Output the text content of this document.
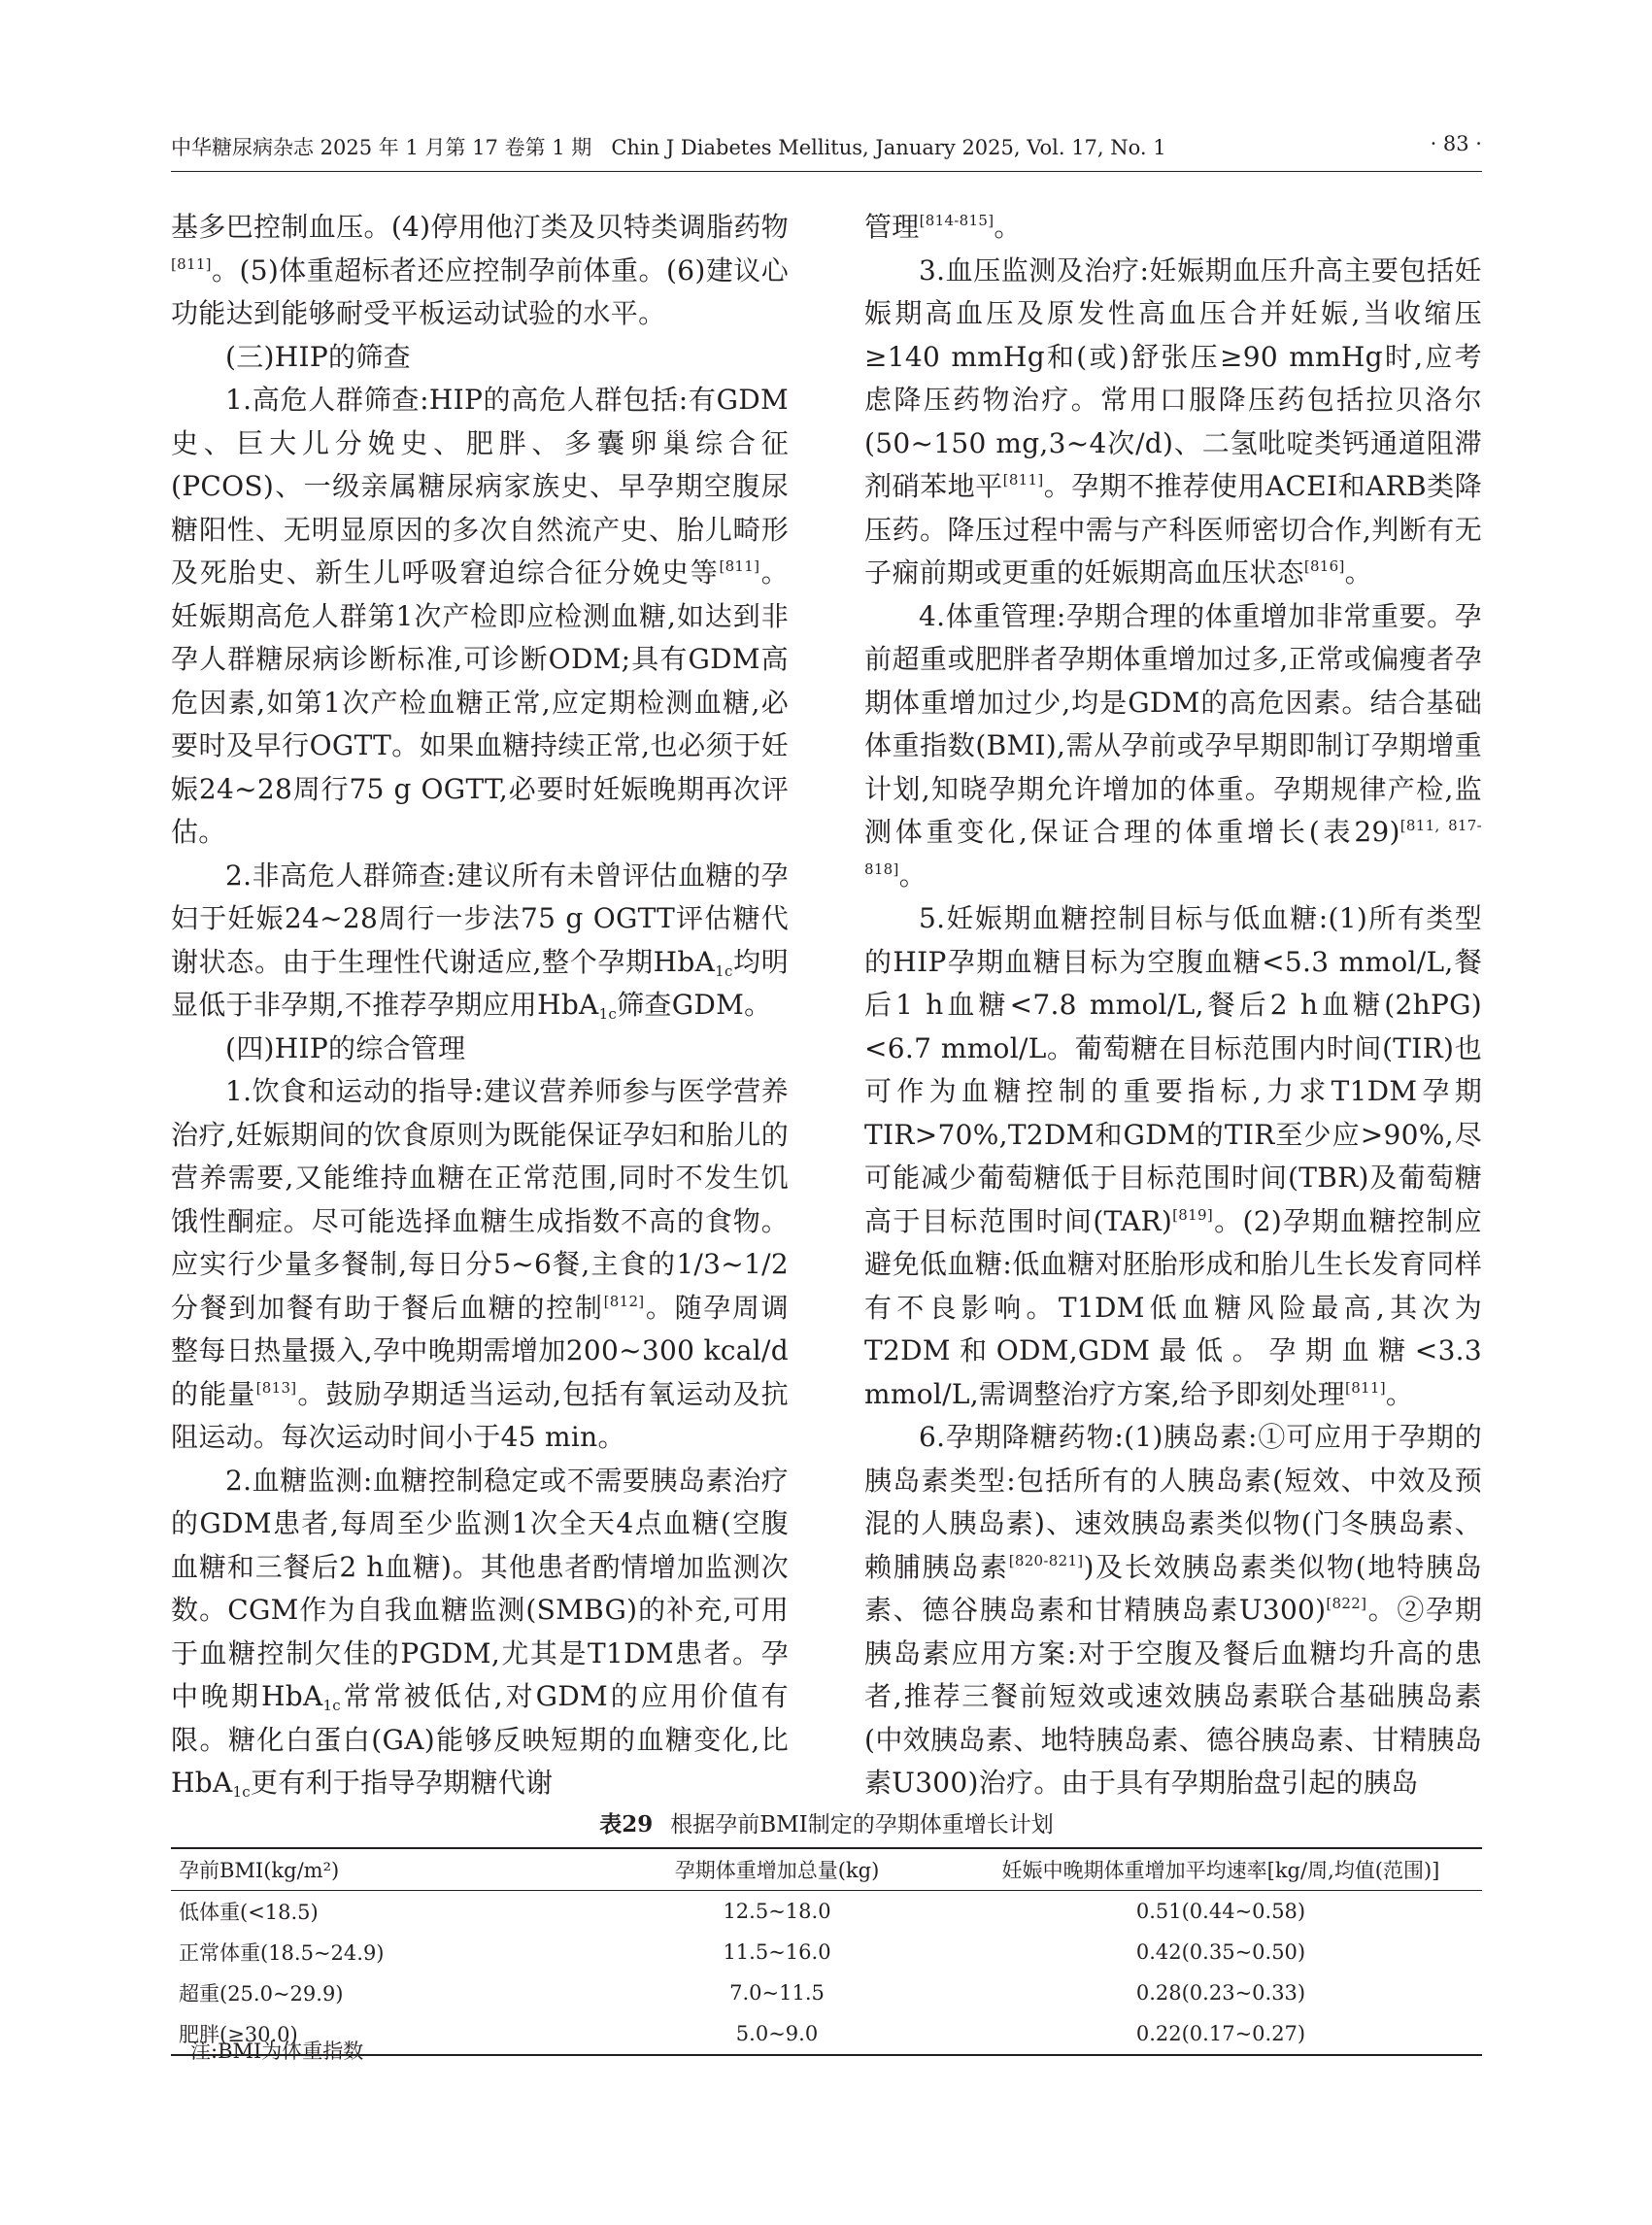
中华糖尿病杂志 2025 年 1 月第 17 卷第 1 期 Chin J Diabetes Mellitus, January 2025, Vol. 17, No. 1	· 83 ·

基多巴控制血压。(4)停用他汀类及贝特类调脂药物[811]。(5)体重超标者还应控制孕前体重。(6)建议心功能达到能够耐受平板运动试验的水平。

(三)HIP的筛查

1.高危人群筛查:HIP的高危人群包括:有GDM史、巨大儿分娩史、肥胖、多囊卵巢综合征(PCOS)、一级亲属糖尿病家族史、早孕期空腹尿糖阳性、无明显原因的多次自然流产史、胎儿畸形及死胎史、新生儿呼吸窘迫综合征分娩史等[811]。妊娠期高危人群第1次产检即应检测血糖,如达到非孕人群糖尿病诊断标准,可诊断ODM;具有GDM高危因素,如第1次产检血糖正常,应定期检测血糖,必要时及早行OGTT。如果血糖持续正常,也必须于妊娠24~28周行75 g OGTT,必要时妊娠晚期再次评估。

2.非高危人群筛查:建议所有未曾评估血糖的孕妇于妊娠24~28周行一步法75 g OGTT评估糖代谢状态。由于生理性代谢适应,整个孕期HbA$_{1c}$均明显低于非孕期,不推荐孕期应用HbA$_{1c}$筛查GDM。

(四)HIP的综合管理

1.饮食和运动的指导:建议营养师参与医学营养治疗,妊娠期间的饮食原则为既能保证孕妇和胎儿的营养需要,又能维持血糖在正常范围,同时不发生饥饿性酮症。尽可能选择血糖生成指数不高的食物。应实行少量多餐制,每日分5~6餐,主食的1/3~1/2分餐到加餐有助于餐后血糖的控制[812]。随孕周调整每日热量摄入,孕中晚期需增加200~300 kcal/d的能量[813]。鼓励孕期适当运动,包括有氧运动及抗阻运动。每次运动时间小于45 min。

2.血糖监测:血糖控制稳定或不需要胰岛素治疗的GDM患者,每周至少监测1次全天4点血糖(空腹血糖和三餐后2 h血糖)。其他患者酌情增加监测次数。CGM作为自我血糖监测(SMBG)的补充,可用于血糖控制欠佳的PGDM,尤其是T1DM患者。孕中晚期HbA$_{1c}$常常被低估,对GDM的应用价值有限。糖化白蛋白(GA)能够反映短期的血糖变化,比HbA$_{1c}$更有利于指导孕期糖代谢

管理[814-815]。

3.血压监测及治疗:妊娠期血压升高主要包括妊娠期高血压及原发性高血压合并妊娠,当收缩压≥140 mmHg和(或)舒张压≥90 mmHg时,应考虑降压药物治疗。常用口服降压药包括拉贝洛尔(50~150 mg,3~4次/d)、二氢吡啶类钙通道阻滞剂硝苯地平[811]。孕期不推荐使用ACEI和ARB类降压药。降压过程中需与产科医师密切合作,判断有无子痫前期或更重的妊娠期高血压状态[816]。

4.体重管理:孕期合理的体重增加非常重要。孕前超重或肥胖者孕期体重增加过多,正常或偏瘦者孕期体重增加过少,均是GDM的高危因素。结合基础体重指数(BMI),需从孕前或孕早期即制订孕期增重计划,知晓孕期允许增加的体重。孕期规律产检,监测体重变化,保证合理的体重增长(表29)[811, 817-818]。

5.妊娠期血糖控制目标与低血糖:(1)所有类型的HIP孕期血糖目标为空腹血糖<5.3 mmol/L,餐后1 h血糖<7.8 mmol/L,餐后2 h血糖(2hPG)<6.7 mmol/L。葡萄糖在目标范围内时间(TIR)也可作为血糖控制的重要指标,力求T1DM孕期TIR>70%,T2DM和GDM的TIR至少应>90%,尽可能减少葡萄糖低于目标范围时间(TBR)及葡萄糖高于目标范围时间(TAR)[819]。(2)孕期血糖控制应避免低血糖:低血糖对胚胎形成和胎儿生长发育同样有不良影响。T1DM低血糖风险最高,其次为T2DM和ODM,GDM最低。孕期血糖<3.3 mmol/L,需调整治疗方案,给予即刻处理[811]。

6.孕期降糖药物:(1)胰岛素:①可应用于孕期的胰岛素类型:包括所有的人胰岛素(短效、中效及预混的人胰岛素)、速效胰岛素类似物(门冬胰岛素、赖脯胰岛素[820-821])及长效胰岛素类似物(地特胰岛素、德谷胰岛素和甘精胰岛素U300)[822]。②孕期胰岛素应用方案:对于空腹及餐后血糖均升高的患者,推荐三餐前短效或速效胰岛素联合基础胰岛素(中效胰岛素、地特胰岛素、德谷胰岛素、甘精胰岛素U300)治疗。由于具有孕期胎盘引起的胰岛

表29 根据孕前BMI制定的孕期体重增长计划
孕前BMI(kg/m²)	孕期体重增加总量(kg)	妊娠中晚期体重增加平均速率[kg/周,均值(范围)]
低体重(<18.5)	12.5~18.0	0.51(0.44~0.58)
正常体重(18.5~24.9)	11.5~16.0	0.42(0.35~0.50)
超重(25.0~29.9)	7.0~11.5	0.28(0.23~0.33)
肥胖(≥30.0)	5.0~9.0	0.22(0.17~0.27)
注:BMI为体重指数
